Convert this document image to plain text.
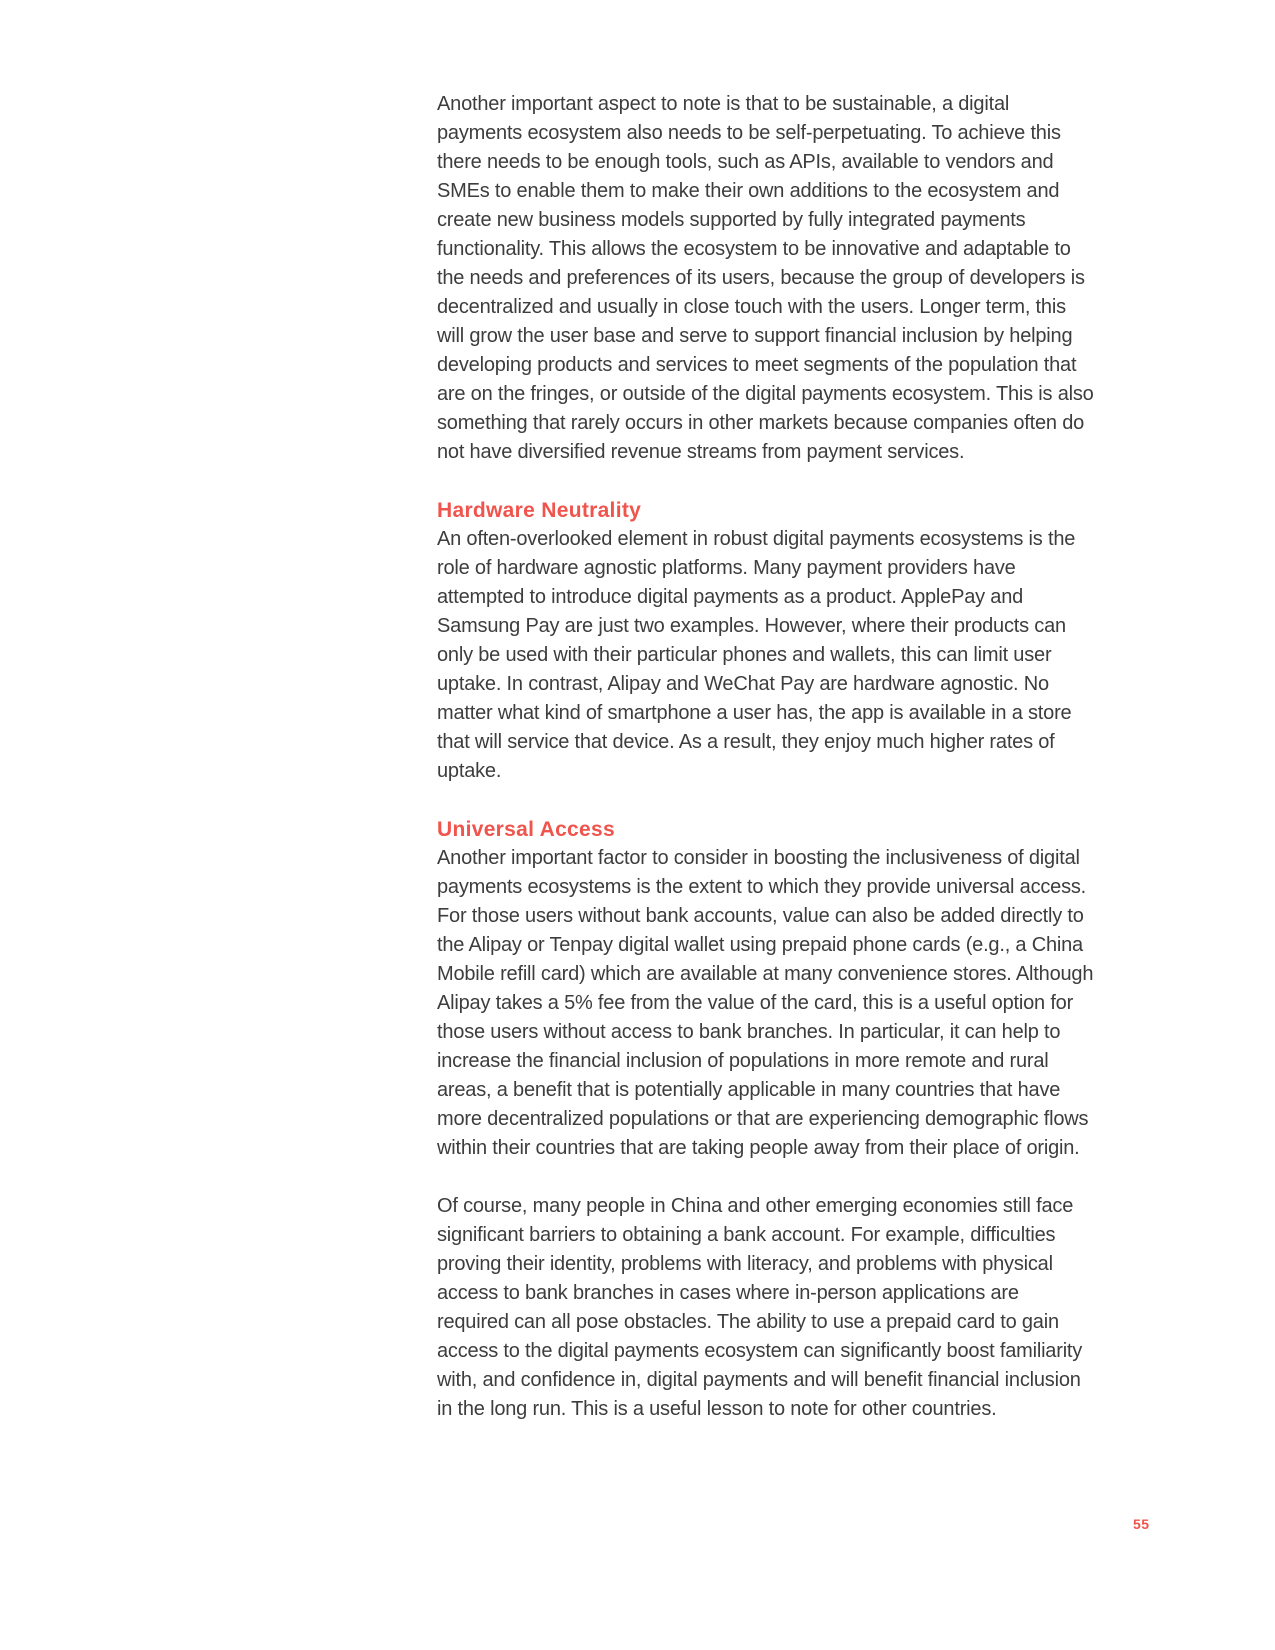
Another important aspect to note is that to be sustainable, a digital payments ecosystem also needs to be self-perpetuating. To achieve this there needs to be enough tools, such as APIs, available to vendors and SMEs to enable them to make their own additions to the ecosystem and create new business models supported by fully integrated payments functionality. This allows the ecosystem to be innovative and adaptable to the needs and preferences of its users, because the group of developers is decentralized and usually in close touch with the users. Longer term, this will grow the user base and serve to support financial inclusion by helping developing products and services to meet segments of the population that are on the fringes, or outside of the digital payments ecosystem. This is also something that rarely occurs in other markets because companies often do not have diversified revenue streams from payment services.

Hardware Neutrality

An often-overlooked element in robust digital payments ecosystems is the role of hardware agnostic platforms. Many payment providers have attempted to introduce digital payments as a product. ApplePay and Samsung Pay are just two examples. However, where their products can only be used with their particular phones and wallets, this can limit user uptake. In contrast, Alipay and WeChat Pay are hardware agnostic. No matter what kind of smartphone a user has, the app is available in a store that will service that device. As a result, they enjoy much higher rates of uptake.

Universal Access

Another important factor to consider in boosting the inclusiveness of digital payments ecosystems is the extent to which they provide universal access. For those users without bank accounts, value can also be added directly to the Alipay or Tenpay digital wallet using prepaid phone cards (e.g., a China Mobile refill card) which are available at many convenience stores. Although Alipay takes a 5% fee from the value of the card, this is a useful option for those users without access to bank branches. In particular, it can help to increase the financial inclusion of populations in more remote and rural areas, a benefit that is potentially applicable in many countries that have more decentralized populations or that are experiencing demographic flows within their countries that are taking people away from their place of origin.

Of course, many people in China and other emerging economies still face significant barriers to obtaining a bank account. For example, difficulties proving their identity, problems with literacy, and problems with physical access to bank branches in cases where in-person applications are required can all pose obstacles. The ability to use a prepaid card to gain access to the digital payments ecosystem can significantly boost familiarity with, and confidence in, digital payments and will benefit financial inclusion in the long run. This is a useful lesson to note for other countries.

55
